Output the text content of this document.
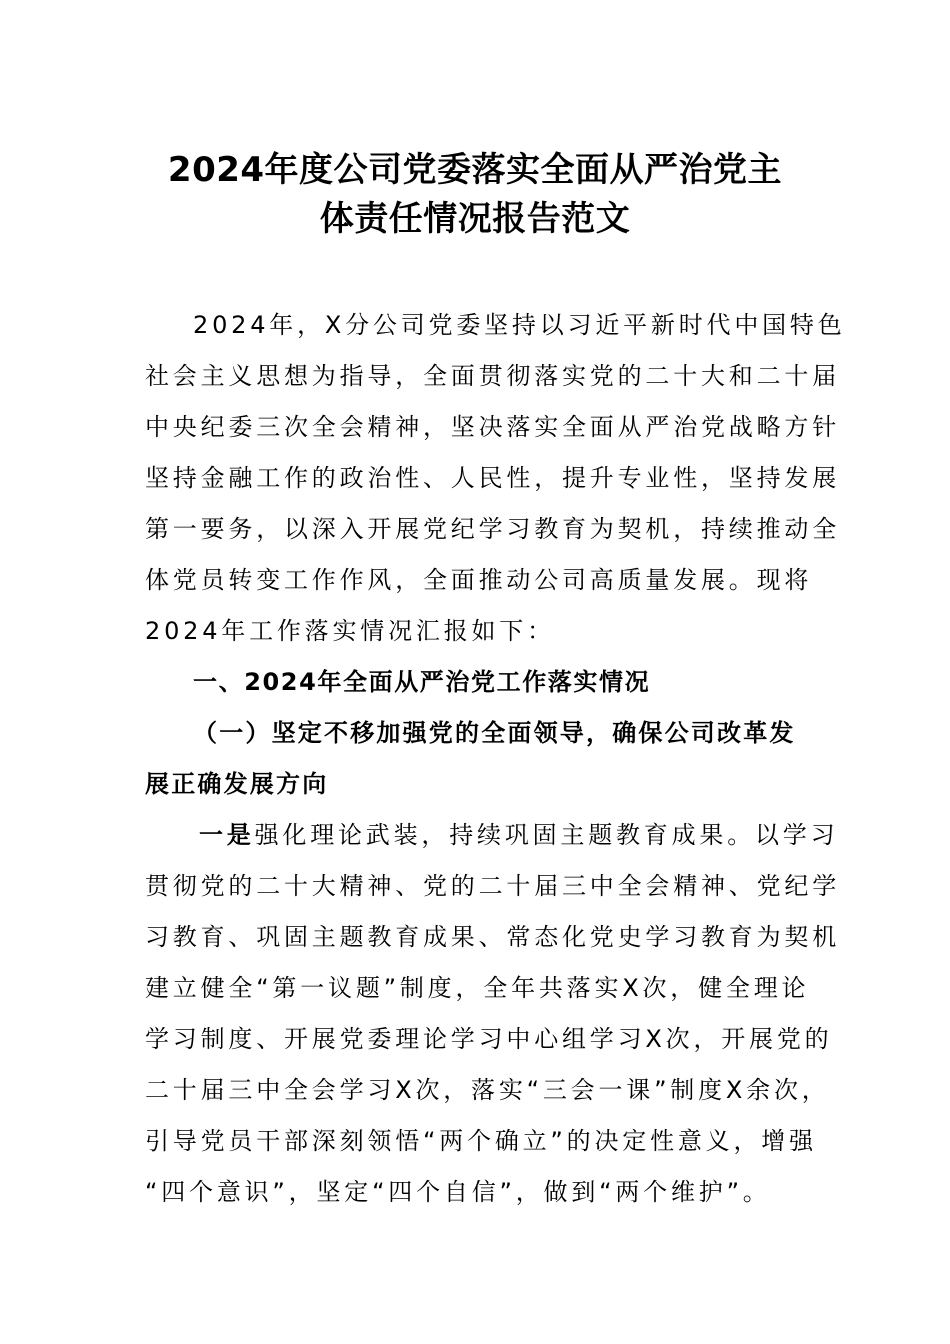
2024年度公司党委落实全面从严治党主
体责任情况报告范文
2024年，X分公司党委坚持以习近平新时代中国特色
社会主义思想为指导，全面贯彻落实党的二十大和二十届
中央纪委三次全会精神，坚决落实全面从严治党战略方针
坚持金融工作的政治性、人民性，提升专业性，坚持发展
第一要务，以深入开展党纪学习教育为契机，持续推动全
体党员转变工作作风，全面推动公司高质量发展。现将
2024年工作落实情况汇报如下：
一、2024年全面从严治党工作落实情况
（一）坚定不移加强党的全面领导，确保公司改革发
展正确发展方向
一是强化理论武装，持续巩固主题教育成果。以学习
贯彻党的二十大精神、党的二十届三中全会精神、党纪学
习教育、巩固主题教育成果、常态化党史学习教育为契机
建立健全“第一议题”制度，全年共落实X次，健全理论
学习制度、开展党委理论学习中心组学习X次，开展党的
二十届三中全会学习X次，落实“三会一课”制度X余次，
引导党员干部深刻领悟“两个确立”的决定性意义，增强
“四个意识”，坚定“四个自信”，做到“两个维护”。
